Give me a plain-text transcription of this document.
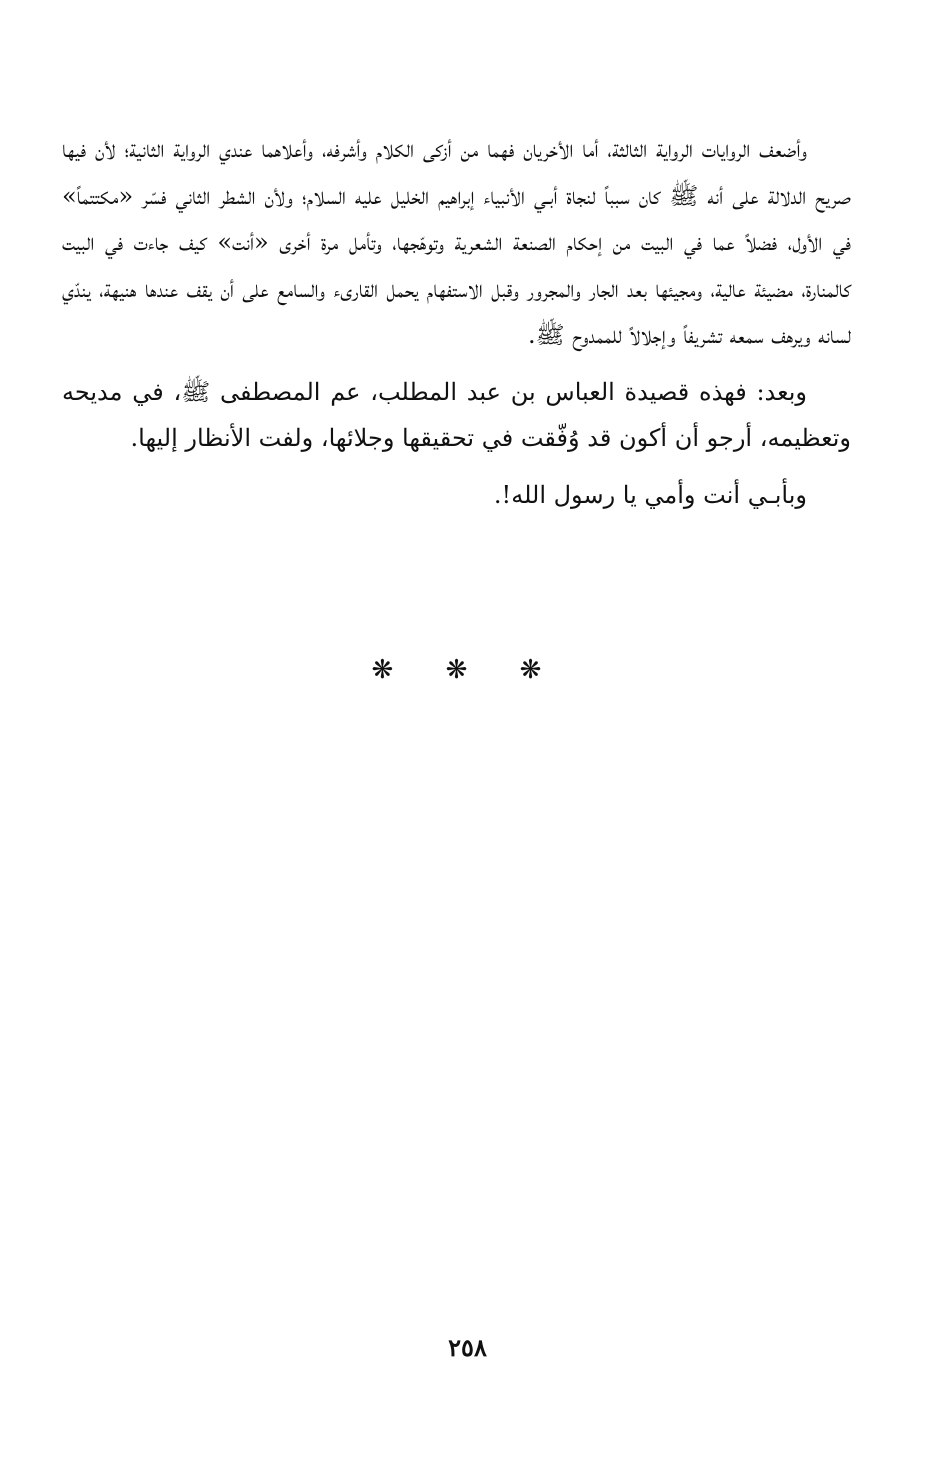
وأضعف الروايات الرواية الثالثة، أما الأخريان فهما من أزكى الكلام وأشرفه، وأعلاهما عندي الرواية الثانية؛ لأن فيها صريح الدلالة على أنه ﷺ كان سبباً لنجاة أبـي الأنبياء إبراهيم الخليل عليه السلام؛ ولأن الشطر الثاني فسّر «مكتتماً» في الأول، فضلاً عما في البيت من إحكام الصنعة الشعرية وتوهّجها، وتأمل مرة أخرى «أنت» كيف جاءت في البيت كالمنارة، مضيئة عالية، ومجيئها بعد الجار والمجرور وقبل الاستفهام يحمل القارىء والسامع على أن يقف عندها هنيهة، يندّي لسانه ويرهف سمعه تشريفاً وإجلالاً للممدوح ﷺ.

وبعد: فهذه قصيدة العباس بن عبد المطلب، عم المصطفى ﷺ، في مديحه وتعظيمه، أرجو أن أكون قد وُفّقت في تحقيقها وجلائها، ولفت الأنظار إليها.

وبأبـي أنت وأمي يا رسول الله!.

❋ ❋ ❋
٢٥٨
